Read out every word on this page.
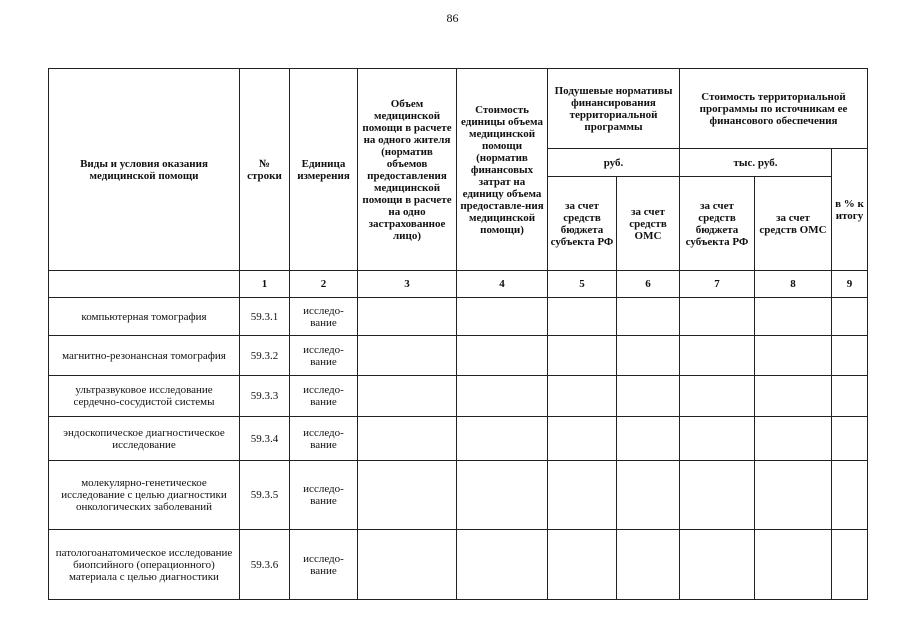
86
Виды и условия оказания медицинской помощи	№ строки	Единица измерения	Объем медицинской помощи в расчете на одного жителя (норматив объемов предоставления медицинской помощи в расчете на одно застрахованное лицо)	Стоимость единицы объема медицинской помощи (норматив финансовых затрат на единицу объема предоставле-ния медицинской помощи)	Подушевые нормативы финансирования территориальной программы		Стоимость территориальной программы по источникам ее финансового обеспечения		
					руб.		тыс. руб.		в % к итогу
					за счет средств бюджета субъекта РФ	за счет средств ОМС	за счет средств бюджета субъекта РФ	за счет средств ОМС	
	1	2	3	4	5	6	7	8	9
компьютерная томография	59.3.1	исследо-вание							
магнитно-резонансная томография	59.3.2	исследо-вание							
ультразвуковое исследование сердечно-сосудистой системы	59.3.3	исследо-вание							
эндоскопическое диагностическое исследование	59.3.4	исследо-вание							
молекулярно-генетическое исследование с целью диагностики онкологических заболеваний	59.3.5	исследо-вание							
патологоанатомическое исследование биопсийного (операционного) материала с целью диагностики	59.3.6	исследо-вание							
